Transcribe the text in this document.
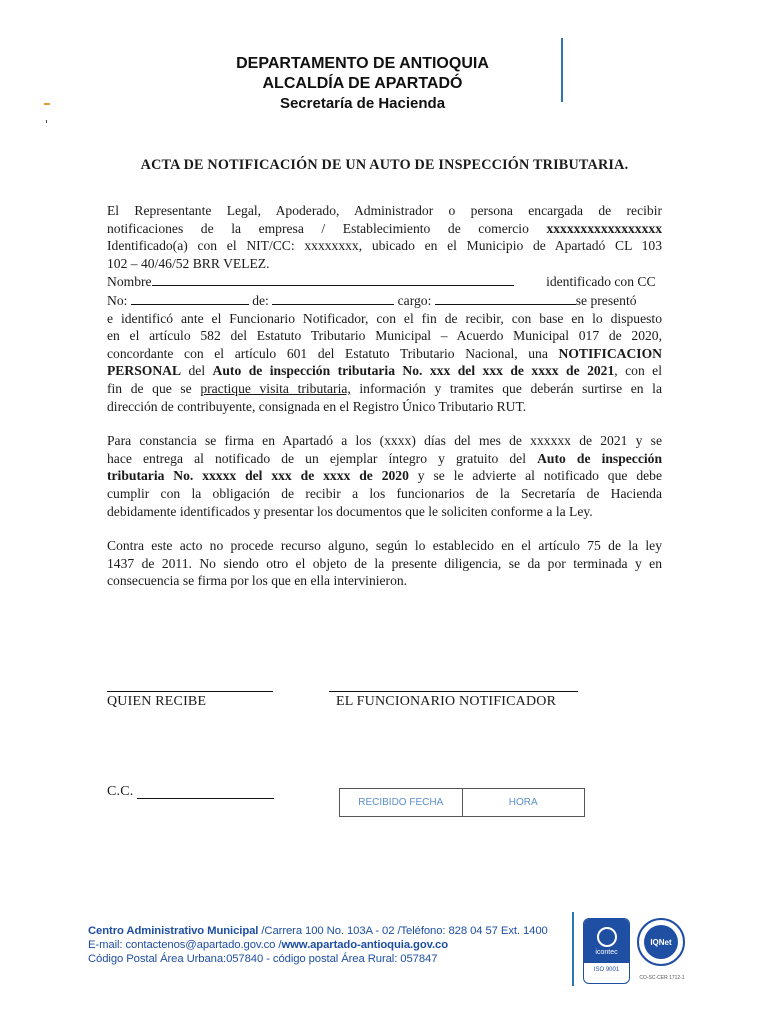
DEPARTAMENTO DE ANTIOQUIA
ALCALDÍA DE APARTADÓ
Secretaría de Hacienda
ACTA DE NOTIFICACIÓN DE UN AUTO DE INSPECCIÓN TRIBUTARIA.

El Representante Legal, Apoderado, Administrador o persona encargada de recibir
notificaciones de la empresa / Establecimiento de comercio xxxxxxxxxxxxxxxxx
Identificado(a) con el NIT/CC: xxxxxxxx, ubicado en el Municipio de Apartadó CL 103
102 – 40/46/52 BRR VELEZ.
Nombre	identificado con CC
No:	de:	cargo:	se presentó
e identificó ante el Funcionario Notificador, con el fin de recibir, con base en lo dispuesto
en el artículo 582 del Estatuto Tributario Municipal – Acuerdo Municipal 017 de 2020,
concordante con el artículo 601 del Estatuto Tributario Nacional, una NOTIFICACION
PERSONAL del Auto de inspección tributaria No. xxx del xxx de xxxx de 2021, con el
fin de que se practique visita tributaria, información y tramites que deberán surtirse en la
dirección de contribuyente, consignada en el Registro Único Tributario RUT.

Para constancia se firma en Apartadó a los (xxxx) días del mes de xxxxxx de 2021 y se
hace entrega al notificado de un ejemplar íntegro y gratuito del Auto de inspección
tributaria No. xxxxx del xxx de xxxx de 2020 y se le advierte al notificado que debe
cumplir con la obligación de recibir a los funcionarios de la Secretaría de Hacienda
debidamente identificados y presentar los documentos que le soliciten conforme a la Ley.

Contra este acto no procede recurso alguno, según lo establecido en el artículo 75 de la ley
1437 de 2011. No siendo otro el objeto de la presente diligencia, se da por terminada y en
consecuencia se firma por los que en ella intervinieron.

QUIEN RECIBE	EL FUNCIONARIO NOTIFICADOR
C.C.
RECIBIDO FECHA	HORA
Centro Administrativo Municipal /Carrera 100 No. 103A - 02 /Teléfono: 828 04 57 Ext. 1400
E-mail: contactenos@apartado.gov.co /www.apartado-antioquia.gov.co
Código Postal Área Urbana:057840 - código postal Área Rural: 057847
icontec
ISO 9001
IQNet
CO-SC-CER 1712-1
